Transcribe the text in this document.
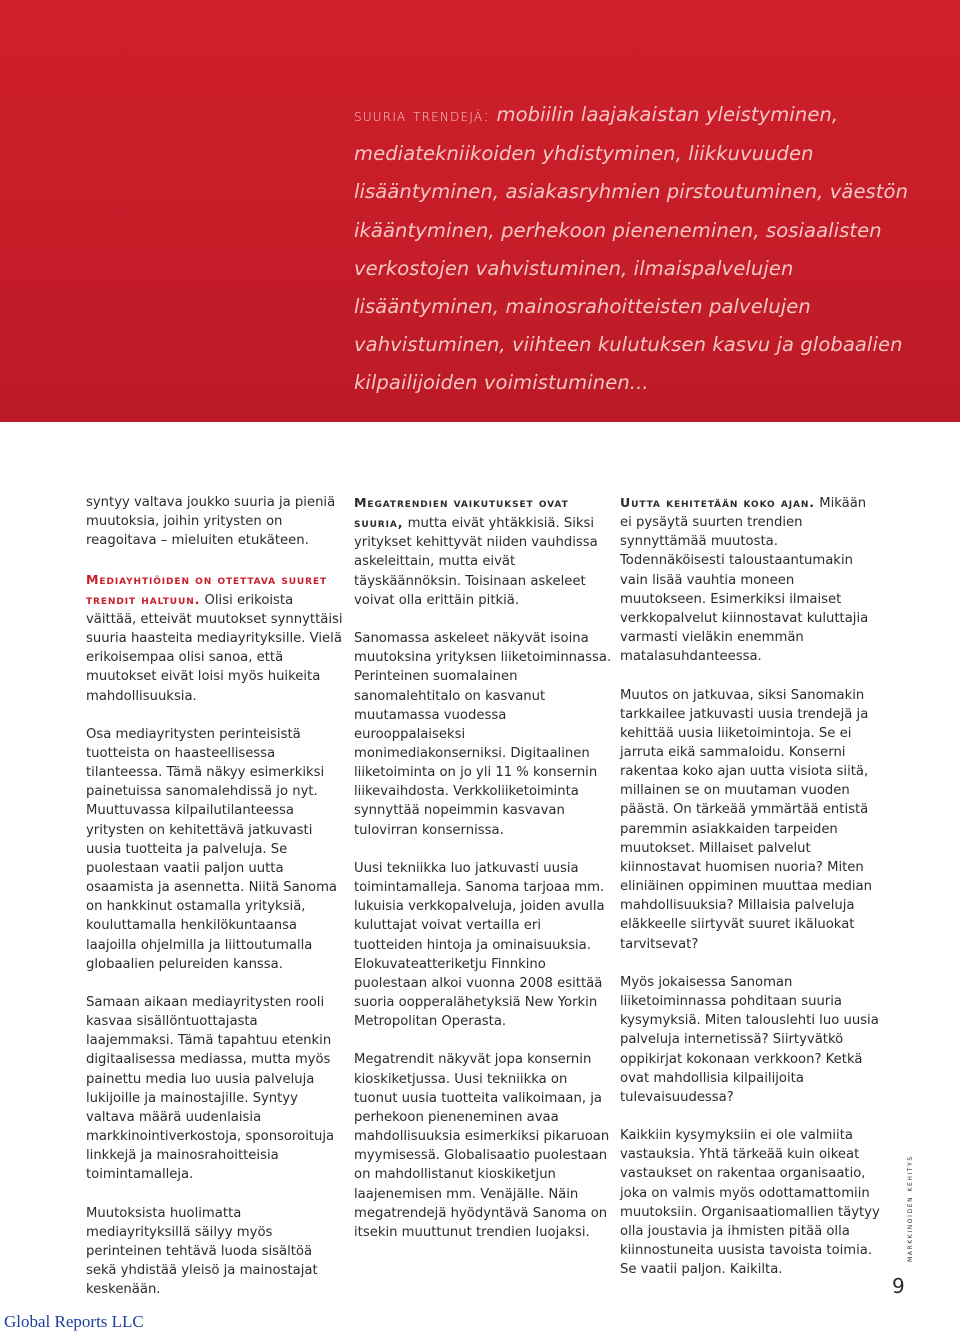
suuria trendejä: mobiilin laajakaistan yleistyminen, mediatekniikoiden yhdistyminen, liikkuvuuden lisääntyminen, asiakasryhmien pirstoutuminen, väestön ikääntyminen, perhekoon pieneneminen, sosiaalisten verkostojen vahvistuminen, ilmaispalvelujen lisääntyminen, mainosrahoitteisten palvelujen vahvistuminen, viihteen kulutuksen kasvu ja globaalien kilpailijoiden voimistuminen...

syntyy valtava joukko suuria ja pieniä muutoksia, joihin yritysten on reagoitava – mieluiten etukäteen.

Mediayhtiöiden on otettava suuret trendit haltuun. Olisi erikoista väittää, etteivät muutokset synnyttäisi suuria haasteita mediayrityksille. Vielä erikoisempaa olisi sanoa, että muutokset eivät loisi myös huikeita mahdollisuuksia.

Osa mediayritysten perinteisistä tuotteista on haasteellisessa tilanteessa. Tämä näkyy esimerkiksi painetuissa sanomalehdissä jo nyt. Muuttuvassa kilpailutilanteessa yritysten on kehitettävä jatkuvasti uusia tuotteita ja palveluja. Se puolestaan vaatii paljon uutta osaamista ja asennetta. Niitä Sanoma on hankkinut ostamalla yrityksiä, kouluttamalla henkilökuntaansa laajoilla ohjelmilla ja liittoutumalla globaalien pelureiden kanssa.

Samaan aikaan mediayritysten rooli kasvaa sisällöntuottajasta laajemmaksi. Tämä tapahtuu etenkin digitaalisessa mediassa, mutta myös painettu media luo uusia palveluja lukijoille ja mainostajille. Syntyy valtava määrä uudenlaisia markkinointiverkostoja, sponsoroituja linkkejä ja mainosrahoitteisia toimintamalleja.

Muutoksista huolimatta mediayrityksillä säilyy myös perinteinen tehtävä luoda sisältöä sekä yhdistää yleisö ja mainostajat keskenään.

Megatrendien vaikutukset ovat suuria, mutta eivät yhtäkkisiä. Siksi yritykset kehittyvät niiden vauhdissa askeleittain, mutta eivät täyskäännöksin. Toisinaan askeleet voivat olla erittäin pitkiä.

Sanomassa askeleet näkyvät isoina muutoksina yrityksen liiketoiminnassa. Perinteinen suomalainen sanomalehtitalo on kasvanut muutamassa vuodessa eurooppalaiseksi monimediakonserniksi. Digitaalinen liiketoiminta on jo yli 11 % konsernin liikevaihdosta. Verkkoliiketoiminta synnyttää nopeimmin kasvavan tulovirran konsernissa.

Uusi tekniikka luo jatkuvasti uusia toimintamalleja. Sanoma tarjoaa mm. lukuisia verkkopalveluja, joiden avulla kuluttajat voivat vertailla eri tuotteiden hintoja ja ominaisuuksia. Elokuvateatteriketju Finnkino puolestaan alkoi vuonna 2008 esittää suoria oopperalähetyksiä New Yorkin Metropolitan Operasta.

Megatrendit näkyvät jopa konsernin kioskiketjussa. Uusi tekniikka on tuonut uusia tuotteita valikoimaan, ja perhekoon pieneneminen avaa mahdollisuuksia esimerkiksi pikaruoan myymisessä. Globalisaatio puolestaan on mahdollistanut kioskiketjun laajenemisen mm. Venäjälle. Näin megatrendejä hyödyntävä Sanoma on itsekin muuttunut trendien luojaksi.

Uutta kehitetään koko ajan. Mikään ei pysäytä suurten trendien synnyttämää muutosta. Todennäköisesti taloustaantumakin vain lisää vauhtia moneen muutokseen. Esimerkiksi ilmaiset verkkopalvelut kiinnostavat kuluttajia varmasti vieläkin enemmän matalasuhdanteessa.

Muutos on jatkuvaa, siksi Sanomakin tarkkailee jatkuvasti uusia trendejä ja kehittää uusia liiketoimintoja. Se ei jarruta eikä sammaloidu. Konserni rakentaa koko ajan uutta visiota siitä, millainen se on muutaman vuoden päästä. On tärkeää ymmärtää entistä paremmin asiakkaiden tarpeiden muutokset. Millaiset palvelut kiinnostavat huomisen nuoria? Miten eliniäinen oppiminen muuttaa median mahdollisuuksia? Millaisia palveluja eläkkeelle siirtyvät suuret ikäluokat tarvitsevat?

Myös jokaisessa Sanoman liiketoiminnassa pohditaan suuria kysymyksiä. Miten talouslehti luo uusia palveluja internetissä? Siirtyvätkö oppikirjat kokonaan verkkoon? Ketkä ovat mahdollisia kilpailijoita tulevaisuudessa?

Kaikkiin kysymyksiin ei ole valmiita vastauksia. Yhtä tärkeää kuin oikeat vastaukset on rakentaa organisaatio, joka on valmis myös odottamattomiin muutoksiin. Organisaatiomallien täytyy olla joustavia ja ihmisten pitää olla kiinnostuneita uusista tavoista toimia. Se vaatii paljon. Kaikilta.

markkinoiden kehitys
9
Global Reports LLC
